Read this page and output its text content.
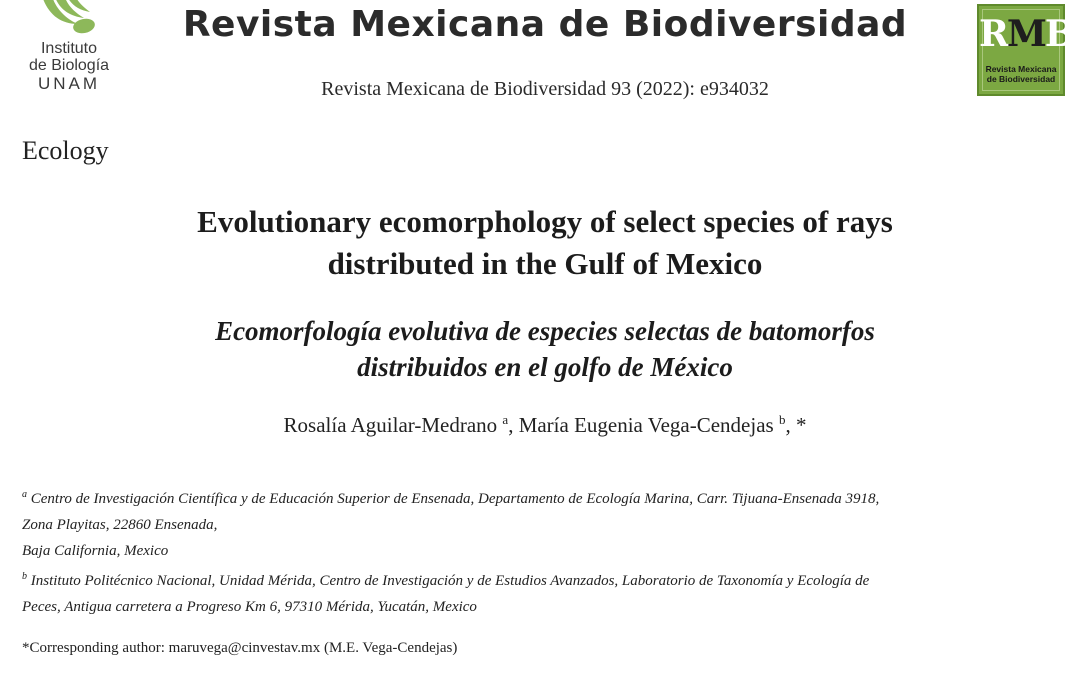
Instituto
de Biología
UNAM
Revista Mexicana de Biodiversidad
Revista Mexicana de Biodiversidad 93 (2022): e934032
RMB
Revista Mexicana
de Biodiversidad
Ecology
Evolutionary ecomorphology of select species of rays
distributed in the Gulf of Mexico
Ecomorfología evolutiva de especies selectas de batomorfos
distribuidos en el golfo de México
Rosalía Aguilar-Medrano $^a$, María Eugenia Vega-Cendejas $^b$, *
$^a$ Centro de Investigación Científica y de Educación Superior de Ensenada, Departamento de Ecología Marina, Carr. Tijuana-Ensenada 3918,
Zona Playitas, 22860 Ensenada,
Baja California, Mexico
$^b$ Instituto Politécnico Nacional, Unidad Mérida, Centro de Investigación y de Estudios Avanzados, Laboratorio de Taxonomía y Ecología de
Peces, Antigua carretera a Progreso Km 6, 97310 Mérida, Yucatán, Mexico
*Corresponding author: maruvega@cinvestav.mx (M.E. Vega-Cendejas)
